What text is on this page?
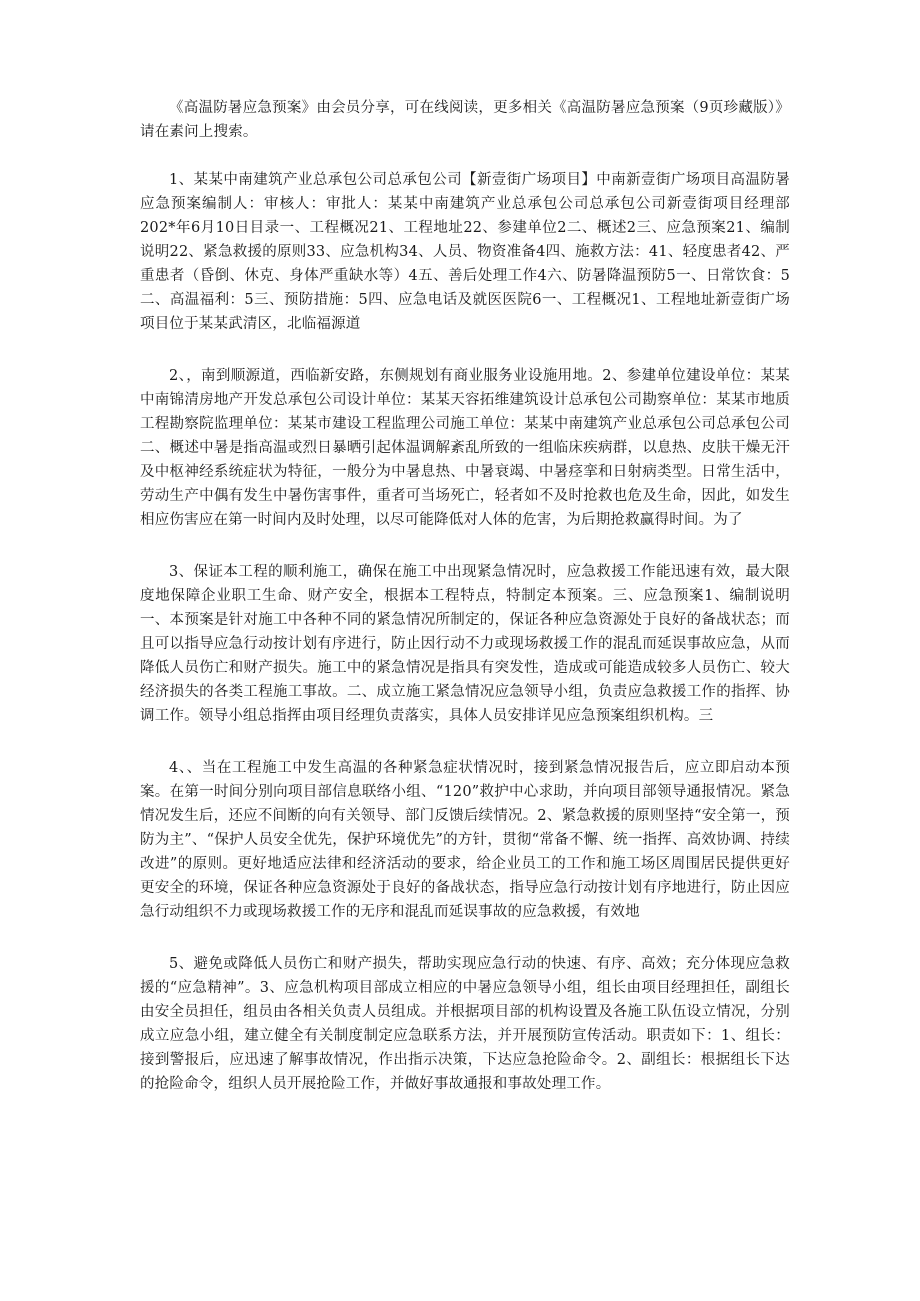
《高温防暑应急预案》由会员分享，可在线阅读，更多相关《高温防暑应急预案（9页珍藏版）》请在素问上搜索。

1、某某中南建筑产业总承包公司总承包公司【新壹街广场项目】中南新壹街广场项目高温防暑应急预案编制人：审核人：审批人：某某中南建筑产业总承包公司总承包公司新壹街项目经理部202*年6月10日目录一、工程概况21、工程地址22、参建单位2二、概述2三、应急预案21、编制说明22、紧急救援的原则33、应急机构34、人员、物资准备4四、施救方法：41、轻度患者42、严重患者（昏倒、休克、身体严重缺水等）4五、善后处理工作4六、防暑降温预防5一、日常饮食：5二、高温福利：5三、预防措施：5四、应急电话及就医医院6一、工程概况1、工程地址新壹街广场项目位于某某武清区，北临福源道

2、，南到顺源道，西临新安路，东侧规划有商业服务业设施用地。2、参建单位建设单位：某某中南锦清房地产开发总承包公司设计单位：某某天容拓维建筑设计总承包公司勘察单位：某某市地质工程勘察院监理单位：某某市建设工程监理公司施工单位：某某中南建筑产业总承包公司总承包公司二、概述中暑是指高温或烈日暴晒引起体温调解紊乱所致的一组临床疾病群，以息热、皮肤干燥无汗及中枢神经系统症状为特征，一般分为中暑息热、中暑衰竭、中暑痉挛和日射病类型。日常生活中，劳动生产中偶有发生中暑伤害事件，重者可当场死亡，轻者如不及时抢救也危及生命，因此，如发生相应伤害应在第一时间内及时处理，以尽可能降低对人体的危害，为后期抢救赢得时间。为了

3、保证本工程的顺利施工，确保在施工中出现紧急情况时，应急救援工作能迅速有效，最大限度地保障企业职工生命、财产安全，根据本工程特点，特制定本预案。三、应急预案1、编制说明一、本预案是针对施工中各种不同的紧急情况所制定的，保证各种应急资源处于良好的备战状态；而且可以指导应急行动按计划有序进行，防止因行动不力或现场救援工作的混乱而延误事故应急，从而降低人员伤亡和财产损失。施工中的紧急情况是指具有突发性，造成或可能造成较多人员伤亡、较大经济损失的各类工程施工事故。二、成立施工紧急情况应急领导小组，负责应急救援工作的指挥、协调工作。领导小组总指挥由项目经理负责落实，具体人员安排详见应急预案组织机构。三

4、、当在工程施工中发生高温的各种紧急症状情况时，接到紧急情况报告后，应立即启动本预案。在第一时间分别向项目部信息联络小组、“120”救护中心求助，并向项目部领导通报情况。紧急情况发生后，还应不间断的向有关领导、部门反馈后续情况。2、紧急救援的原则坚持“安全第一，预防为主”、“保护人员安全优先，保护环境优先”的方针，贯彻“常备不懈、统一指挥、高效协调、持续改进”的原则。更好地适应法律和经济活动的要求，给企业员工的工作和施工场区周围居民提供更好更安全的环境，保证各种应急资源处于良好的备战状态，指导应急行动按计划有序地进行，防止因应急行动组织不力或现场救援工作的无序和混乱而延误事故的应急救援，有效地

5、避免或降低人员伤亡和财产损失，帮助实现应急行动的快速、有序、高效；充分体现应急救援的“应急精神”。3、应急机构项目部成立相应的中暑应急领导小组，组长由项目经理担任，副组长由安全员担任，组员由各相关负责人员组成。并根据项目部的机构设置及各施工队伍设立情况，分别成立应急小组，建立健全有关制度制定应急联系方法，并开展预防宣传活动。职责如下：1、组长：接到警报后，应迅速了解事故情况，作出指示决策，下达应急抢险命令。2、副组长：根据组长下达的抢险命令，组织人员开展抢险工作，并做好事故通报和事故处理工作。
